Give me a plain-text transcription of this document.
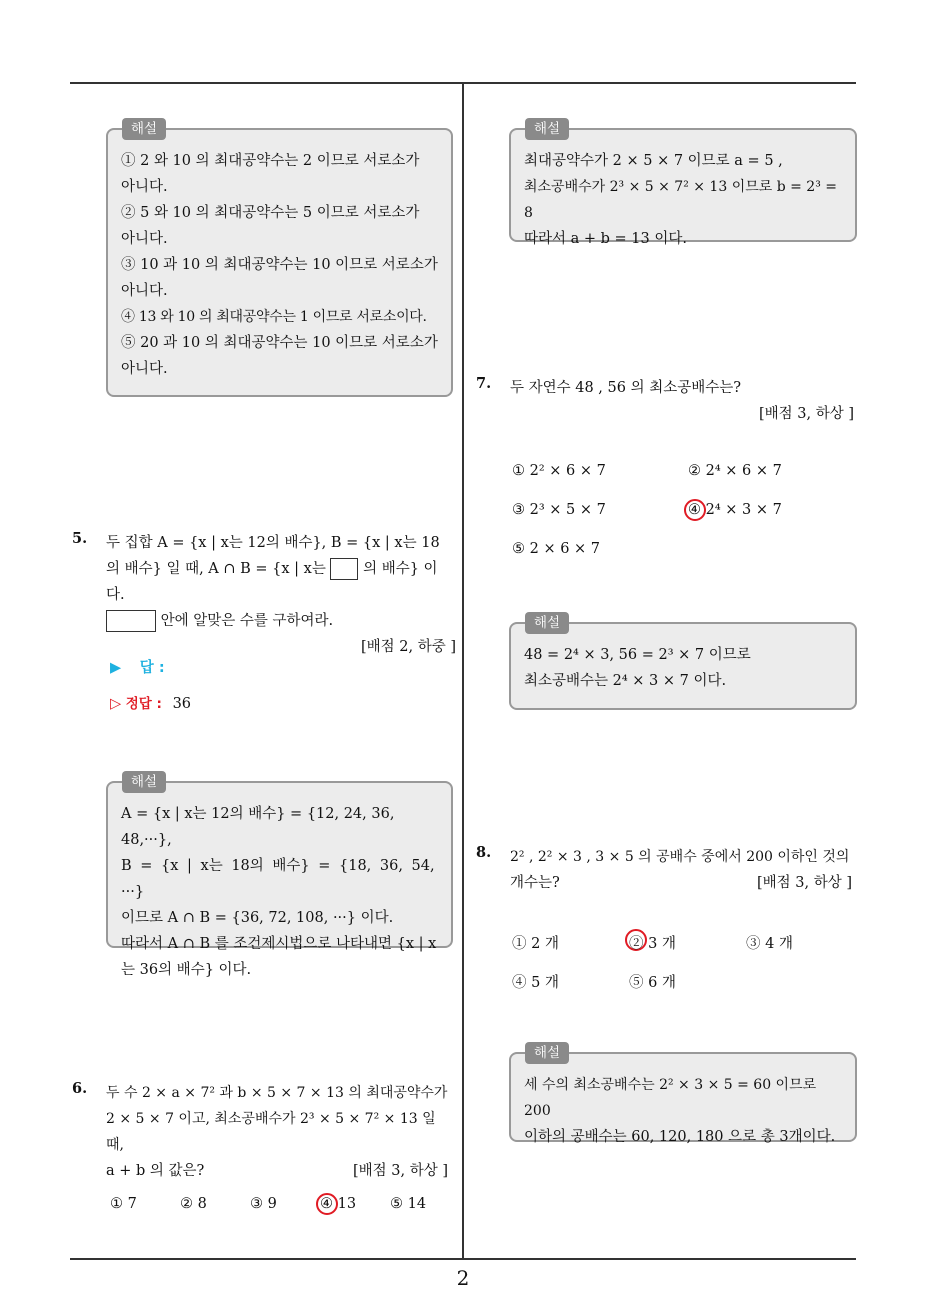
해설
① 2 와 10 의 최대공약수는 2 이므로 서로소가
아니다.
② 5 와 10 의 최대공약수는 5 이므로 서로소가
아니다.
③ 10 과 10 의 최대공약수는 10 이므로 서로소가
아니다.
④ 13 와 10 의 최대공약수는 1 이므로 서로소이다.
⑤ 20 과 10 의 최대공약수는 10 이므로 서로소가
아니다.
5. 두 집합 A = {x | x는 12의 배수}, B = {x | x는 18
의 배수} 일 때, A ∩ B = {x | x는	의 배수} 이다.
안에 알맞은 수를 구하여라.
[배점 2, 하중 ]
▶ 답 :
▷ 정답 : 36
해설
A = {x | x는 12의 배수} = {12, 24, 36, 48,···},
B = {x | x는 18의 배수} = {18, 36, 54, ···}
이므로 A ∩ B = {36, 72, 108, ···} 이다.
따라서 A ∩ B 를 조건제시법으로 나타내면 {x | x
는 36의 배수} 이다.
6. 두 수 2 × a × 7² 과 b × 5 × 7 × 13 의 최대공약수가
2 × 5 × 7 이고, 최소공배수가 2³ × 5 × 7² × 13 일 때,
a + b 의 값은?	[배점 3, 하상 ]
① 7	② 8	③ 9	④ 13 ⑤ 14
해설
최대공약수가 2 × 5 × 7 이므로 a = 5 ,
최소공배수가 2³ × 5 × 7² × 13 이므로 b = 2³ = 8
따라서 a + b = 13 이다.
7. 두 자연수 48 , 56 의 최소공배수는?
[배점 3, 하상 ]
① 2² × 6 × 7	② 2⁴ × 6 × 7
③ 2³ × 5 × 7	④ 2⁴ × 3 × 7
⑤ 2 × 6 × 7
해설
48 = 2⁴ × 3, 56 = 2³ × 7 이므로
최소공배수는 2⁴ × 3 × 7 이다.
8. 2² , 2² × 3 , 3 × 5 의 공배수 중에서 200 이하인 것의
개수는?	[배점 3, 하상 ]
① 2 개	② 3 개	③ 4 개
④ 5 개	⑤ 6 개
해설
세 수의 최소공배수는 2² × 3 × 5 = 60 이므로 200
이하의 공배수는 60, 120, 180 으로 총 3개이다.
2
